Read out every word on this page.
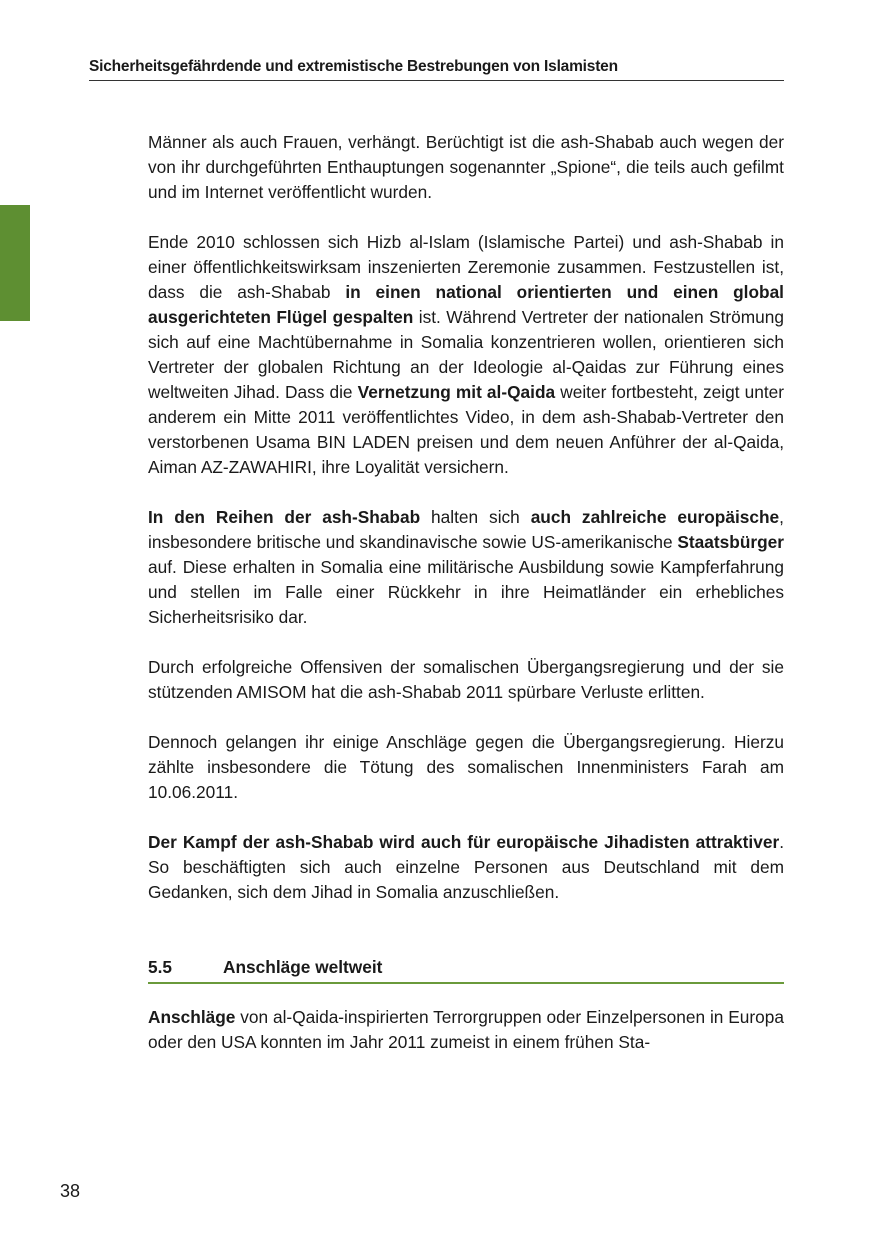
Sicherheitsgefährdende und extremistische Bestrebungen von Islamisten

Männer als auch Frauen, verhängt. Berüchtigt ist die ash-Shabab auch wegen der von ihr durchgeführten Enthauptungen sogenannter „Spione“, die teils auch gefilmt und im Internet veröffentlicht wurden.

Ende 2010 schlossen sich Hizb al-Islam (Islamische Partei) und ash-Shabab in einer öffentlichkeitswirksam inszenierten Zeremonie zusammen. Festzustellen ist, dass die ash-Shabab in einen national orientierten und einen global ausgerichteten Flügel gespalten ist. Während Vertreter der nationalen Strömung sich auf eine Machtübernahme in Somalia konzentrieren wollen, orientieren sich Vertreter der globalen Richtung an der Ideologie al-Qaidas zur Führung eines weltweiten Jihad. Dass die Vernetzung mit al-Qaida weiter fortbesteht, zeigt unter anderem ein Mitte 2011 veröffentlichtes Video, in dem ash-Shabab-Vertreter den verstorbenen Usama BIN LADEN preisen und dem neuen Anführer der al-Qaida, Aiman AZ-ZAWAHIRI, ihre Loyalität versichern.

In den Reihen der ash-Shabab halten sich auch zahlreiche europäische, insbesondere britische und skandinavische sowie US-amerikanische Staatsbürger auf. Diese erhalten in Somalia eine militärische Ausbildung sowie Kampferfahrung und stellen im Falle einer Rückkehr in ihre Heimatländer ein erhebliches Sicherheitsrisiko dar.

Durch erfolgreiche Offensiven der somalischen Übergangsregierung und der sie stützenden AMISOM hat die ash-Shabab 2011 spürbare Verluste erlitten.

Dennoch gelangen ihr einige Anschläge gegen die Übergangsregierung. Hierzu zählte insbesondere die Tötung des somalischen Innenministers Farah am 10.06.2011.

Der Kampf der ash-Shabab wird auch für europäische Jihadisten attraktiver. So beschäftigten sich auch einzelne Personen aus Deutschland mit dem Gedanken, sich dem Jihad in Somalia anzuschließen.

5.5	Anschläge weltweit

Anschläge von al-Qaida-inspirierten Terrorgruppen oder Einzelpersonen in Europa oder den USA konnten im Jahr 2011 zumeist in einem frühen Sta-

38
